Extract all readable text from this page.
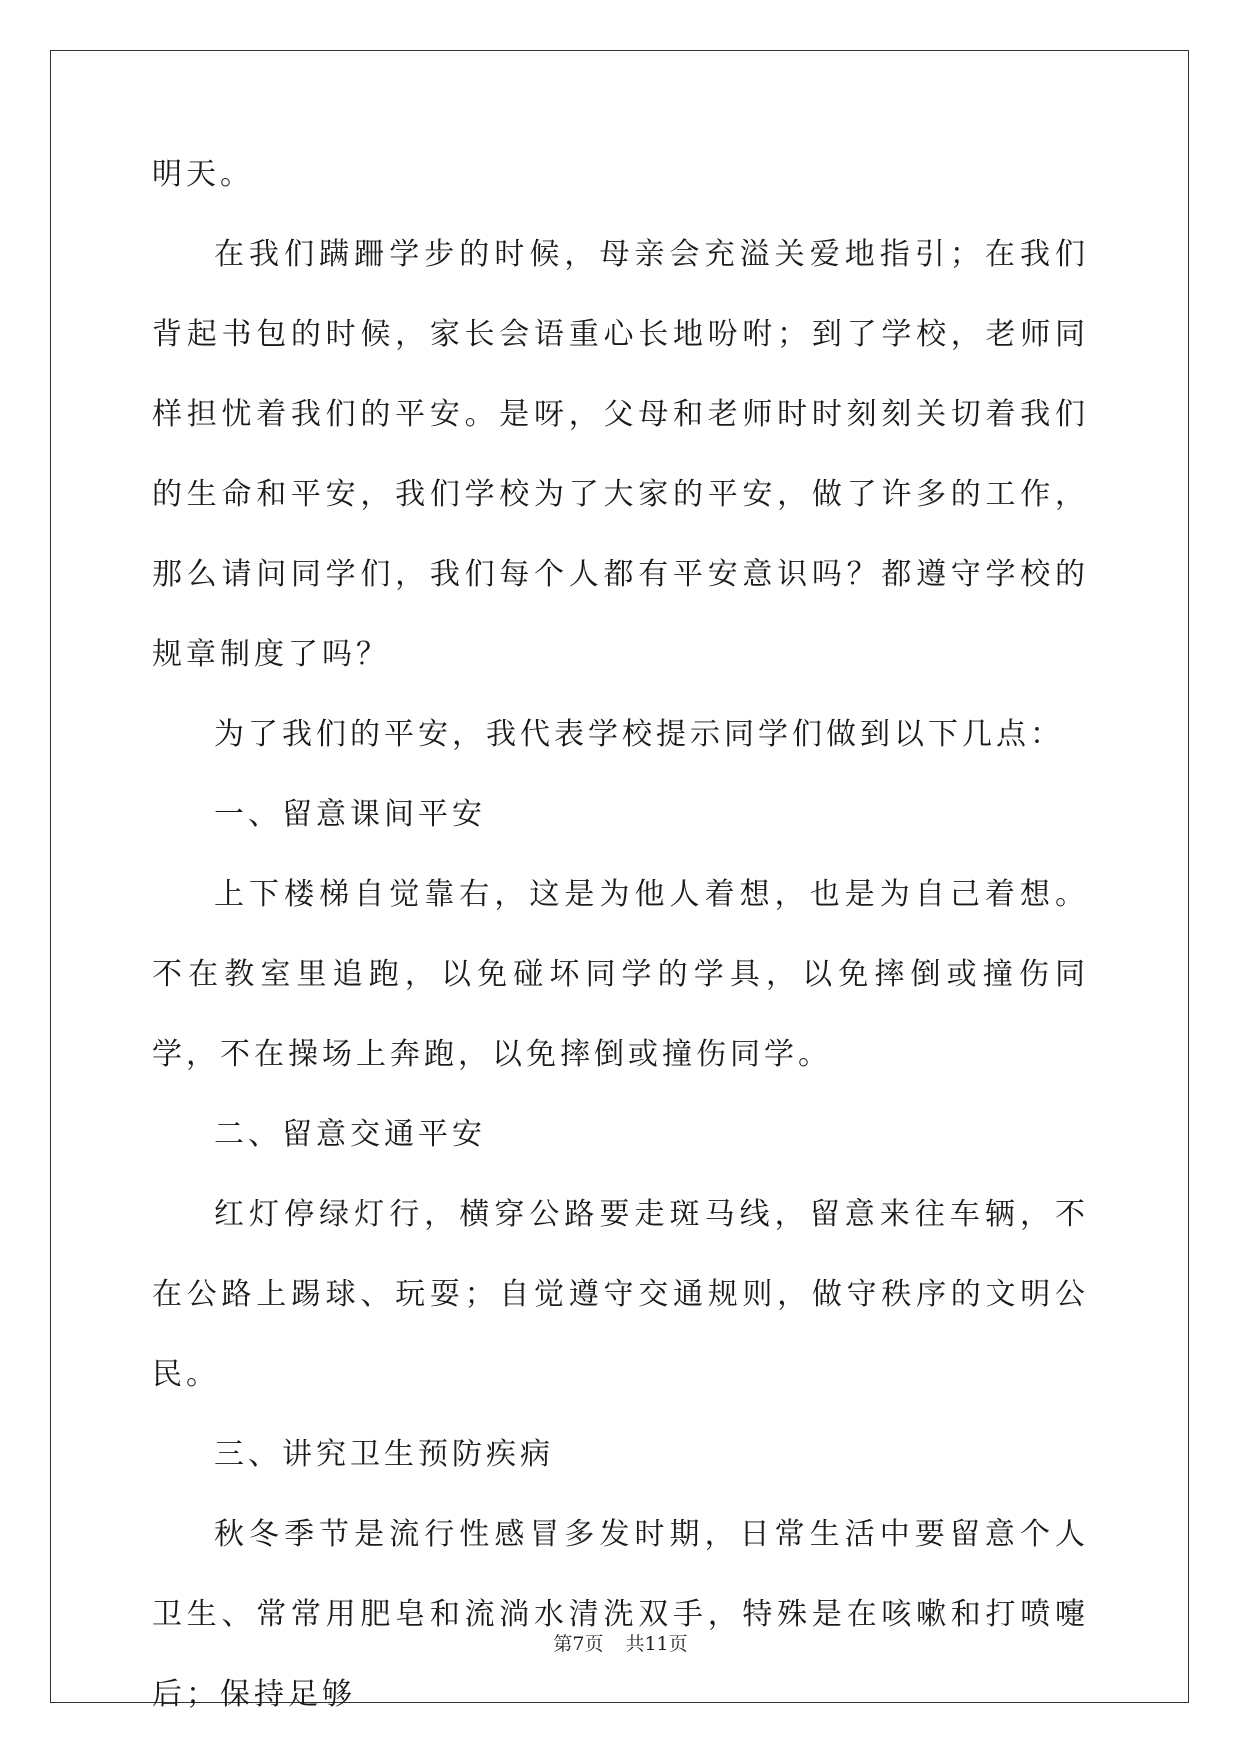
明天。

在我们蹒跚学步的时候，母亲会充溢关爱地指引；在我们背起书包的时候，家长会语重心长地吩咐；到了学校，老师同样担忧着我们的平安。是呀，父母和老师时时刻刻关切着我们的生命和平安，我们学校为了大家的平安，做了许多的工作，那么请问同学们，我们每个人都有平安意识吗？都遵守学校的规章制度了吗？

为了我们的平安，我代表学校提示同学们做到以下几点：

一、留意课间平安

上下楼梯自觉靠右，这是为他人着想，也是为自己着想。不在教室里追跑，以免碰坏同学的学具，以免摔倒或撞伤同学，不在操场上奔跑，以免摔倒或撞伤同学。

二、留意交通平安

红灯停绿灯行，横穿公路要走斑马线，留意来往车辆，不在公路上踢球、玩耍；自觉遵守交通规则，做守秩序的文明公民。

三、讲究卫生预防疾病

秋冬季节是流行性感冒多发时期，日常生活中要留意个人卫生、常常用肥皂和流淌水清洗双手，特殊是在咳嗽和打喷嚏后；保持足够

第7页 共11页
